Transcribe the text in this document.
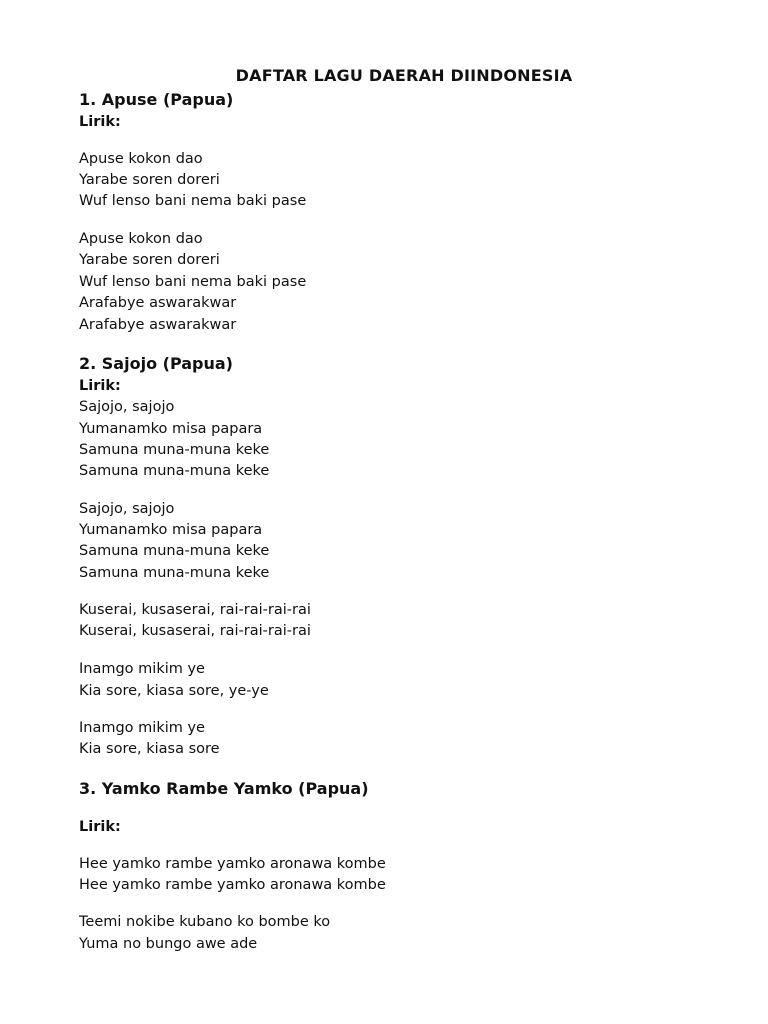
DAFTAR LAGU DAERAH DIINDONESIA
1. Apuse (Papua)
Lirik:
Apuse kokon dao
Yarabe soren doreri
Wuf lenso bani nema baki pase
Apuse kokon dao
Yarabe soren doreri
Wuf lenso bani nema baki pase
Arafabye aswarakwar
Arafabye aswarakwar
2. Sajojo (Papua)
Lirik:
Sajojo, sajojo
Yumanamko misa papara
Samuna muna-muna keke
Samuna muna-muna keke
Sajojo, sajojo
Yumanamko misa papara
Samuna muna-muna keke
Samuna muna-muna keke
Kuserai, kusaserai, rai-rai-rai-rai
Kuserai, kusaserai, rai-rai-rai-rai
Inamgo mikim ye
Kia sore, kiasa sore, ye-ye
Inamgo mikim ye
Kia sore, kiasa sore
3. Yamko Rambe Yamko (Papua)
Lirik:
Hee yamko rambe yamko aronawa kombe
Hee yamko rambe yamko aronawa kombe
Teemi nokibe kubano ko bombe ko
Yuma no bungo awe ade
